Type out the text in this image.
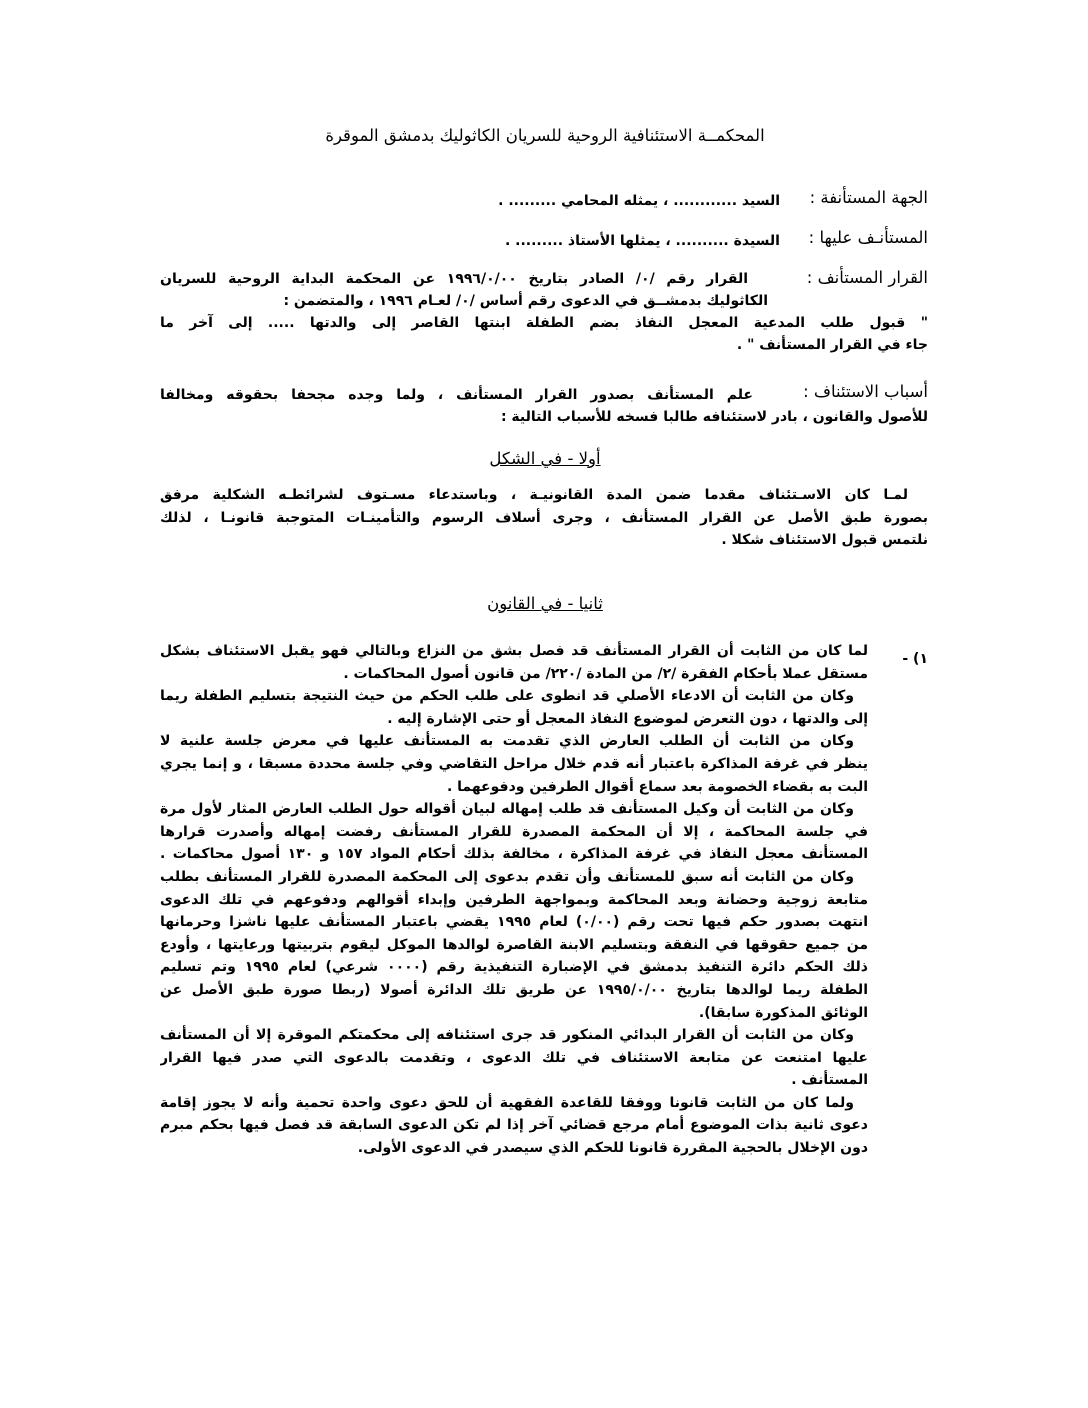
المحكمــة الاستئنافية الروحية للسريان الكاثوليك بدمشق الموقرة
الجهة المستأنفة :
السيد ............ ، يمثله المحامي ......... .
المستأنـف عليها :
السيدة .......... ، يمثلها الأستاذ ......... .
القرار المستأنف :
القرار رقم /٠/ الصادر بتاريخ ١٩٩٦/٠/٠٠ عن المحكمة البداية الروحية للسريان
الكاثوليك بدمشــق في الدعوى رقم أساس /٠/ لعـام ١٩٩٦ ، والمتضمن :
" قبول طلب المدعية المعجل النفاذ بضم الطفلة ابنتها القاصر إلى والدتها ..... إلى آخر ما
جاء في القرار المستأنف " .
أسباب الاستئناف :
علم المستأنف بصدور القرار المستأنف ، ولما وجده مجحفا بحقوقه ومخالفا
للأصول والقانون ، بادر لاستئنافه طالبا فسخه للأسباب التالية :
أولا - في الشكل
لمـا كان الاسـتئناف مقدما ضمن المدة القانونيـة ، وباستدعاء مسـتوف لشرائطـه الشكلية مرفق
بصورة طبق الأصل عن القرار المستأنف ، وجرى أسلاف الرسوم والتأمينـات المتوجبة قانونـا ، لذلك
نلتمس قبول الاستئناف شكلا .
ثانيا - في القانون
١) -
لما كان من الثابت أن القرار المستأنف قد فصل بشق من النزاع وبالتالي فهو يقبل الاستئناف بشكل
مستقل عملا بأحكام الفقرة /٢/ من المادة /٢٢٠/ من قانون أصول المحاكمات .
وكان من الثابت أن الادعاء الأصلي قد انطوى على طلب الحكم من حيث النتيجة بتسليم الطفلة ريما
إلى والدتها ، دون التعرض لموضوع النفاذ المعجل أو حتى الإشارة إليه .
وكان من الثابت أن الطلب العارض الذي تقدمت به المستأنف عليها في معرض جلسة علنية لا
ينظر في غرفة المذاكرة باعتبار أنه قدم خلال مراحل التقاضي وفي جلسة محددة مسبقا ، و إنما يجري
البت به بقضاء الخصومة بعد سماع أقوال الطرفين ودفوعهما .
وكان من الثابت أن وكيل المستأنف قد طلب إمهاله لبيان أقواله حول الطلب العارض المثار لأول مرة
في جلسة المحاكمة ، إلا أن المحكمة المصدرة للقرار المستأنف رفضت إمهاله وأصدرت قرارها
المستأنف معجل النفاذ في غرفة المذاكرة ، مخالفة بذلك أحكام المواد ١٥٧ و ١٣٠ أصول محاكمات .
وكان من الثابت أنه سبق للمستأنف وأن تقدم بدعوى إلى المحكمة المصدرة للقرار المستأنف بطلب
متابعة زوجية وحضانة وبعد المحاكمة وبمواجهة الطرفين وإبداء أقوالهم ودفوعهم في تلك الدعوى
انتهت بصدور حكم فيها تحت رقم (٠/٠٠) لعام ١٩٩٥ يقضي باعتبار المستأنف عليها ناشزا وحرمانها
من جميع حقوقها في النفقة وبتسليم الابنة القاصرة لوالدها الموكل ليقوم بتربيتها ورعايتها ، وأودع
ذلك الحكم دائرة التنفيذ بدمشق في الإضبارة التنفيذية رقم (٠٠٠٠ شرعي) لعام ١٩٩٥ وتم تسليم
الطفلة ريما لوالدها بتاريخ ١٩٩٥/٠/٠٠ عن طريق تلك الدائرة أصولا (ربطا صورة طبق الأصل عن
الوثائق المذكورة سابقا).
وكان من الثابت أن القرار البدائي المنكور قد جرى استئنافه إلى محكمتكم الموقرة إلا أن المستأنف
عليها امتنعت عن متابعة الاستئناف في تلك الدعوى ، وتقدمت بالدعوى التي صدر فيها القرار
المستأنف .
ولما كان من الثابت قانونا ووفقا للقاعدة الفقهية أن للحق دعوى واحدة تحمية وأنه لا يجوز إقامة
دعوى ثانية بذات الموضوع أمام مرجع قضائي آخر إذا لم تكن الدعوى السابقة قد فصل فيها بحكم مبرم
دون الإخلال بالحجية المقررة قانونا للحكم الذي سيصدر في الدعوى الأولى.
